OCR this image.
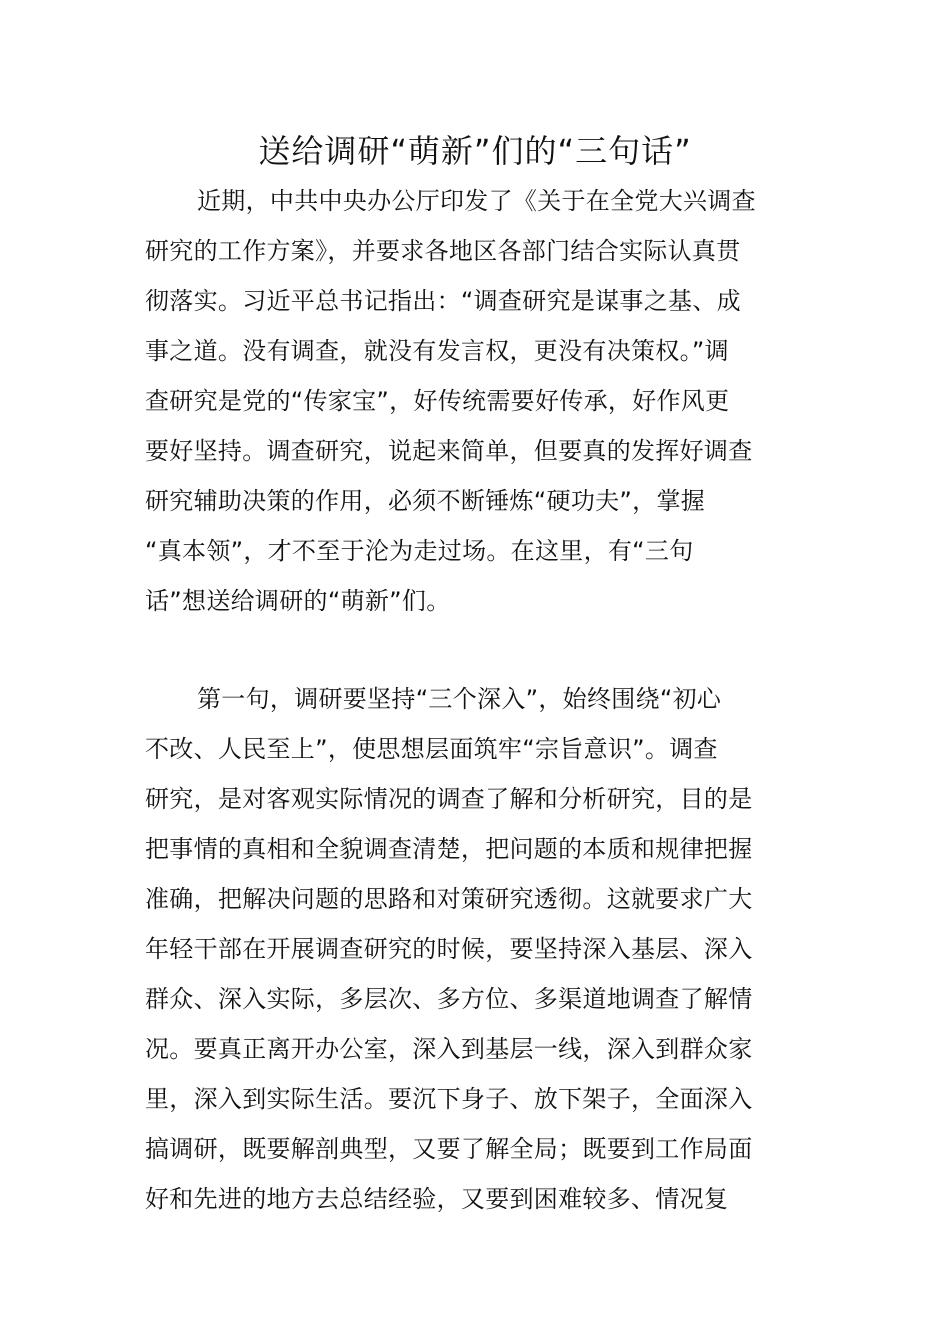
送给调研“萌新”们的“三句话”
近期，中共中央办公厅印发了《关于在全党大兴调查
研究的工作方案》，并要求各地区各部门结合实际认真贯
彻落实。习近平总书记指出：“调查研究是谋事之基、成
事之道。没有调查，就没有发言权，更没有决策权。”调
查研究是党的“传家宝”，好传统需要好传承，好作风更
要好坚持。调查研究，说起来简单，但要真的发挥好调查
研究辅助决策的作用，必须不断锤炼“硬功夫”，掌握
“真本领”，才不至于沦为走过场。在这里，有“三句
话”想送给调研的“萌新”们。
第一句，调研要坚持“三个深入”，始终围绕“初心
不改、人民至上”，使思想层面筑牢“宗旨意识”。调查
研究，是对客观实际情况的调查了解和分析研究，目的是
把事情的真相和全貌调查清楚，把问题的本质和规律把握
准确，把解决问题的思路和对策研究透彻。这就要求广大
年轻干部在开展调查研究的时候，要坚持深入基层、深入
群众、深入实际，多层次、多方位、多渠道地调查了解情
况。要真正离开办公室，深入到基层一线，深入到群众家
里，深入到实际生活。要沉下身子、放下架子，全面深入
搞调研，既要解剖典型，又要了解全局；既要到工作局面
好和先进的地方去总结经验，又要到困难较多、情况复
